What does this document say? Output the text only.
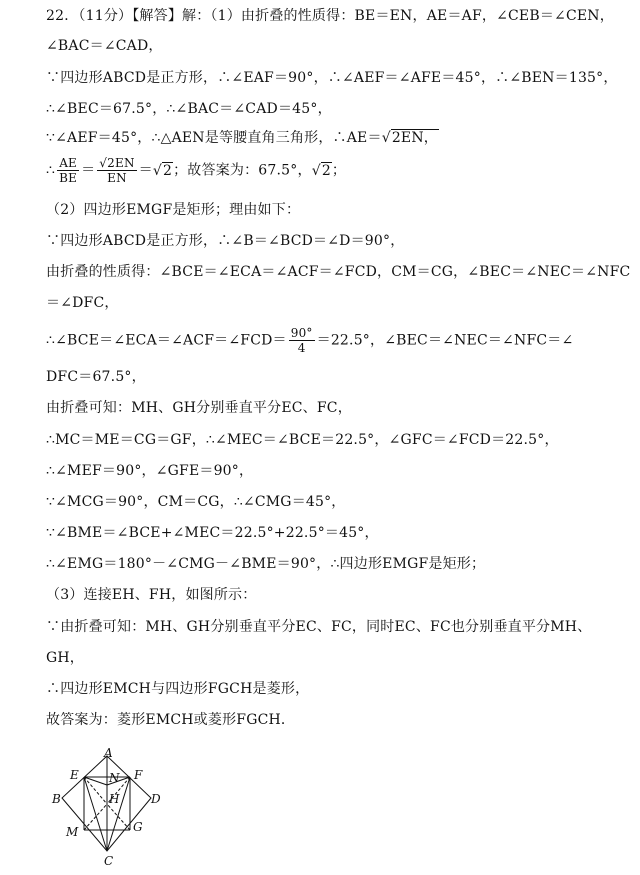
22．（11分）【解答】解：（1）由折叠的性质得：BE＝EN，AE＝AF，∠CEB＝∠CEN，
∠BAC＝∠CAD，
∵四边形ABCD是正方形，∴∠EAF＝90°，∴∠AEF＝∠AFE＝45°，∴∠BEN＝135°，
∴∠BEC＝67.5°，∴∠BAC＝∠CAD＝45°，
∵∠AEF＝45°，∴△AEN是等腰直角三角形，∴AE＝√2EN，
∴ $\frac{AE}{BE} = \frac{√2EN}{EN} =√2$；故答案为：67.5°，√2；
（2）四边形EMGF是矩形；理由如下：
∵四边形ABCD是正方形，∴∠B＝∠BCD＝∠D＝90°，
由折叠的性质得：∠BCE＝∠ECA＝∠ACF＝∠FCD，CM＝CG，∠BEC＝∠NEC＝∠NFC
＝∠DFC，
∴∠BCE＝∠ECA＝∠ACF＝∠FCD＝ $\frac{90^\circ}{4} =22.5^\circ$，∠BEC＝∠NEC＝∠NFC＝∠
DFC＝67.5°，
由折叠可知：MH、GH分别垂直平分EC、FC，
∴MC＝ME＝CG＝GF，∴∠MEC＝∠BCE＝22.5°，∠GFC＝∠FCD＝22.5°，
∴∠MEF＝90°，∠GFE＝90°，
∵∠MCG＝90°，CM＝CG，∴∠CMG＝45°，
∵∠BME＝∠BCE+∠MEC＝22.5°+22.5°＝45°，
∴∠EMG＝180°－∠CMG－∠BME＝90°，∴四边形EMGF是矩形；
（3）连接EH、FH，如图所示：
∵由折叠可知：MH、GH分别垂直平分EC、FC，同时EC、FC也分别垂直平分MH、
GH，
∴四边形EMCH与四边形FGCH是菱形，
故答案为：菱形EMCH或菱形FGCH．
A
E	N F
B	H	D
M	G
C
